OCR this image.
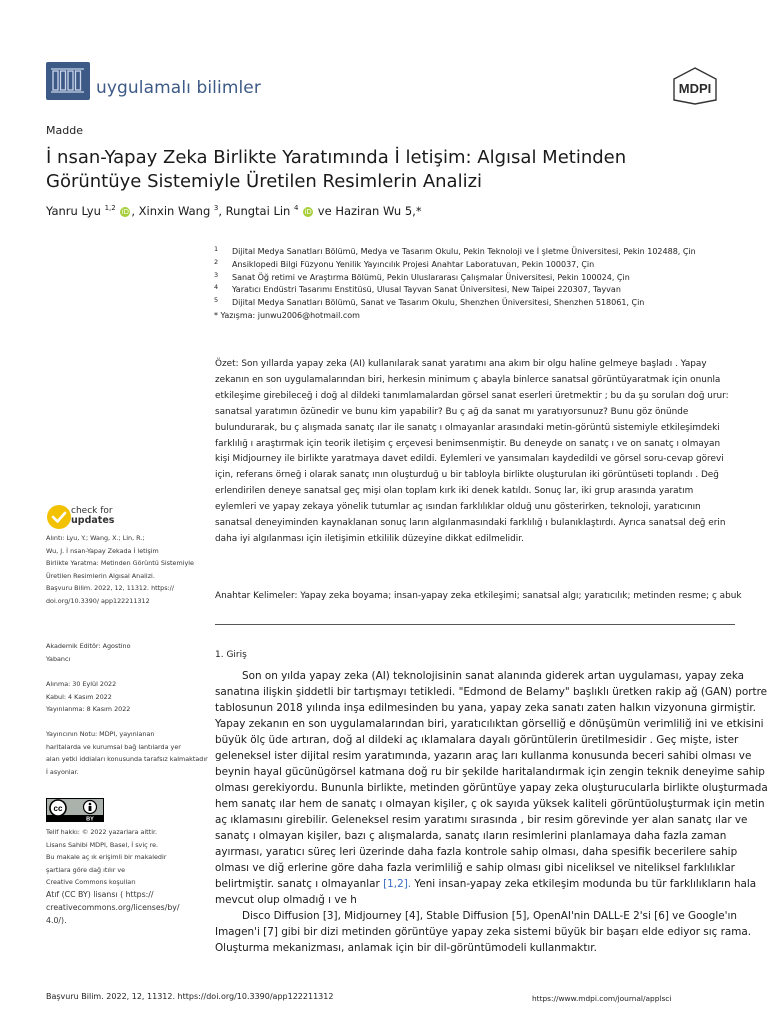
uygulamalı bilimler	MDPI
Madde
İ nsan-Yapay Zeka Birlikte Yaratımında İ letişim: Algısal Metinden Görüntüye Sistemiyle Üretilen Resimlerin Analizi
Yanru Lyu $^{1,2}$ iD , Xinxin Wang $^3$, Rungtai Lin $^4$ iD ve Haziran Wu 5,*
1 Dijital Medya Sanatları Bölümü, Medya ve Tasarım Okulu, Pekin Teknoloji ve İ şletme Üniversitesi, Pekin 102488, Çin
2 Ansiklopedi Bilgi Füzyonu Yenilik Yayıncılık Projesi Anahtar Laboratuvarı, Pekin 100037, Çin
3 Sanat Öğ retimi ve Araştırma Bölümü, Pekin Uluslararası Çalışmalar Üniversitesi, Pekin 100024, Çin
4 Yaratıcı Endüstri Tasarımı Enstitüsü, Ulusal Tayvan Sanat Üniversitesi, New Taipei 220307, Tayvan
5 Dijital Medya Sanatları Bölümü, Sanat ve Tasarım Okulu, Shenzhen Üniversitesi, Shenzhen 518061, Çin
* Yazışma: junwu2006@hotmail.com
Özet: Son yıllarda yapay zeka (AI) kullanılarak sanat yaratımı ana akım bir olgu haline gelmeye başladı . Yapay zekanın en son uygulamalarından biri, herkesin minimum ç abayla binlerce sanatsal görüntüyaratmak için onunla etkileşime girebileceğ i doğ al dildeki tanımlamalardan görsel sanat eserleri üretmektir ; bu da şu soruları doğ urur: sanatsal yaratımın özünedir ve bunu kim yapabilir? Bu ç ağ da sanat mı yaratıyorsunuz? Bunu göz önünde bulundurarak, bu ç alışmada sanatç ılar ile sanatç ı olmayanlar arasındaki metin-görüntü sistemiyle etkileşimdeki farklılığ ı araştırmak için teorik iletişim ç erçevesi benimsenmiştir. Bu deneyde on sanatç ı ve on sanatç ı olmayan kişi Midjourney ile birlikte yaratmaya davet edildi. Eylemleri ve yansımaları kaydedildi ve görsel soru-cevap görevi için, referans örneğ i olarak sanatç ının oluşturduğ u bir tabloyla birlikte oluşturulan iki görüntüseti toplandı . Değ erlendirilen deneye sanatsal geç mişi olan toplam kırk iki denek katıldı. Sonuç lar, iki grup arasında yaratım eylemleri ve yapay zekaya yönelik tutumlar aç ısından farklılıklar olduğ unu gösterirken, teknoloji, yaratıcının sanatsal deneyiminden kaynaklanan sonuç ların algılanmasındaki farklılığ ı bulanıklaştırdı. Ayrıca sanatsal değ erin daha iyi algılanması için iletişimin etkililik düzeyine dikkat edilmelidir.
Anahtar Kelimeler: Yapay zeka boyama; insan-yapay zeka etkileşimi; sanatsal algı; yaratıcılık; metinden resme; ç abuk
1. Giriş

Son on yılda yapay zeka (AI) teknolojisinin sanat alanında giderek artan uygulaması, yapay zeka sanatına ilişkin şiddetli bir tartışmayı tetikledi. "Edmond de Belamy" başlıklı üretken rakip ağ (GAN) portre tablosunun 2018 yılında inşa edilmesinden bu yana, yapay zeka sanatı zaten halkın vizyonuna girmiştir. Yapay zekanın en son uygulamalarından biri, yaratıcılıktan görselliğ e dönüşümün verimliliğ ini ve etkisini büyük ölç üde artıran, doğ al dildeki aç ıklamalara dayalı görüntülerin üretilmesidir . Geç mişte, ister geleneksel ister dijital resim yaratımında, yazarın araç ları kullanma konusunda beceri sahibi olması ve beynin hayal gücünügörsel katmana doğ ru bir şekilde haritalandırmak için zengin teknik deneyime sahip olması gerekiyordu. Bununla birlikte, metinden görüntüye yapay zeka oluşturucularla birlikte oluşturmada hem sanatç ılar hem de sanatç ı olmayan kişiler, ç ok sayıda yüksek kaliteli görüntüoluşturmak için metin aç ıklamasını girebilir. Geleneksel resim yaratımı sırasında , bir resim görevinde yer alan sanatç ılar ve sanatç ı olmayan kişiler, bazı ç alışmalarda, sanatç ıların resimlerini planlamaya daha fazla zaman ayırması, yaratıcı süreç leri üzerinde daha fazla kontrole sahip olması, daha spesifik becerilere sahip olması ve diğ erlerine göre daha fazla verimliliğ e sahip olması gibi niceliksel ve niteliksel farklılıklar belirtmiştir. sanatç ı olmayanlar [1,2]. Yeni insan-yapay zeka etkileşim modunda bu tür farklılıkların hala mevcut olup olmadığ ı ve h

Disco Diffusion [3], Midjourney [4], Stable Diffusion [5], OpenAI'nin DALL-E 2'si [6] ve Google'ın Imagen'i [7] gibi bir dizi metinden görüntüye yapay zeka sistemi büyük bir başarı elde ediyor sıç rama. Oluşturma mekanizması, anlamak için bir dil-görüntümodeli kullanmaktır.

check for
updates
Alıntı: Lyu, Y.; Wang, X.; Lin, R.;
Wu, J. İ nsan-Yapay Zekada İ letişim
Birlikte Yaratma: Metinden Görüntü Sistemiyle
Üretilen Resimlerin Algısal Analizi.
Başvuru Bilim. 2022, 12, 11312. https://
doi.org/10.3390/ app122211312
Akademik Editör: Agostino
Yabancı
Alınma: 30 Eylül 2022
Kabul: 4 Kasım 2022
Yayınlanma: 8 Kasım 2022
Yayıncının Notu: MDPI, yayınlanan
haritalarda ve kurumsal bağ lantılarda yer
alan yetki iddiaları konusunda tarafsız kalmaktadır
İ asyonlar.
cc
BY
Telif hakkı: © 2022 yazarlara aittir.
Lisans Sahibi MDPI, Basel, İ sviç re.
Bu makale aç ık erişimli bir makaledir
şartlara göre dağ ıtılır ve
Creative Commons koşulları
Atıf (CC BY) lisansı ( https://
creativecommons.org/licenses/by/
4.0/).
Başvuru Bilim. 2022, 12, 11312. https://doi.org/10.3390/app122211312	https://www.mdpi.com/journal/applsci
